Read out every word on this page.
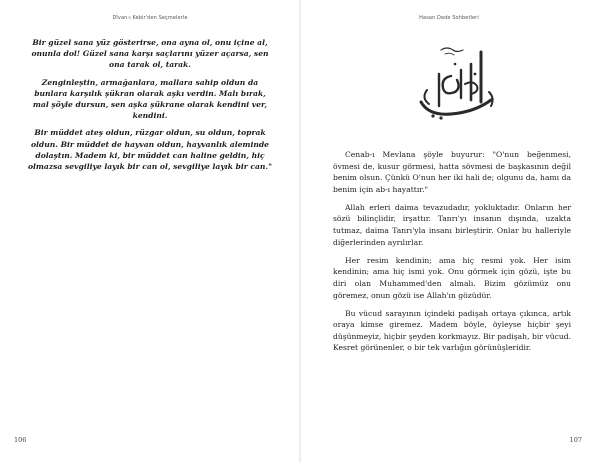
Dîvan-ı Kebir'den Seçmelerle

Bir güzel sana yüz gösterirse, ona ayna ol, onu içine al, onunla dol! Güzel sana karşı saçlarını yüzer açarsa, sen ona tarak ol, tarak.

Zenginleştin, armağanlara, mallara sahip oldun da bunlara karşılık şükran olarak aşkı verdin. Malı bırak, mal şöyle dursun, sen aşka şükrane olarak kendini ver, kendini.

Bir müddet ateş oldun, rüzgar oldun, su oldun, toprak oldun. Bir müddet de hayvan oldun, hayvanlık aleminde dolaştın. Madem ki, bir müddet can haline geldin, hiç olmazsa sevgiliye layık bir can ol, sevgiliye layık bir can."

106
Hasan Dede Sohbetleri

Cenab-ı Mevlana şöyle buyurur: "O'nun beğenmesi, övmesi de, kusur görmesi, hatta sövmesi de başkasının değil benim olsun. Çünkü O'nun her iki hali de; olgunu da, hamı da benim için ab-ı hayattır."

Allah erleri daima tevazudadır, yokluktadır. Onların her sözü bilinçlidir, irşattır. Tanrı'yı insanın dışında, uzakta tutmaz, daima Tanrı'yla insanı birleştirir. Onlar bu halleriyle diğerlerinden ayrılırlar.

Her resim kendinin; ama hiç resmi yok. Her isim kendinin; ama hiç ismi yok. Onu görmek için gözü, işte bu diri olan Muhammed'den almalı. Bizim gözümüz onu göremez, onun gözü ise Allah'ın gözüdür.

Bu vücud sarayının içindeki padişah ortaya çıkınca, artık oraya kimse giremez. Madem böyle, öyleyse hiçbir şeyi düşünmeyiz, hiçbir şeyden korkmayız. Bir padişah, bir vücud. Kesret görünenler, o bir tek varlığın görünüşleridir.

107
